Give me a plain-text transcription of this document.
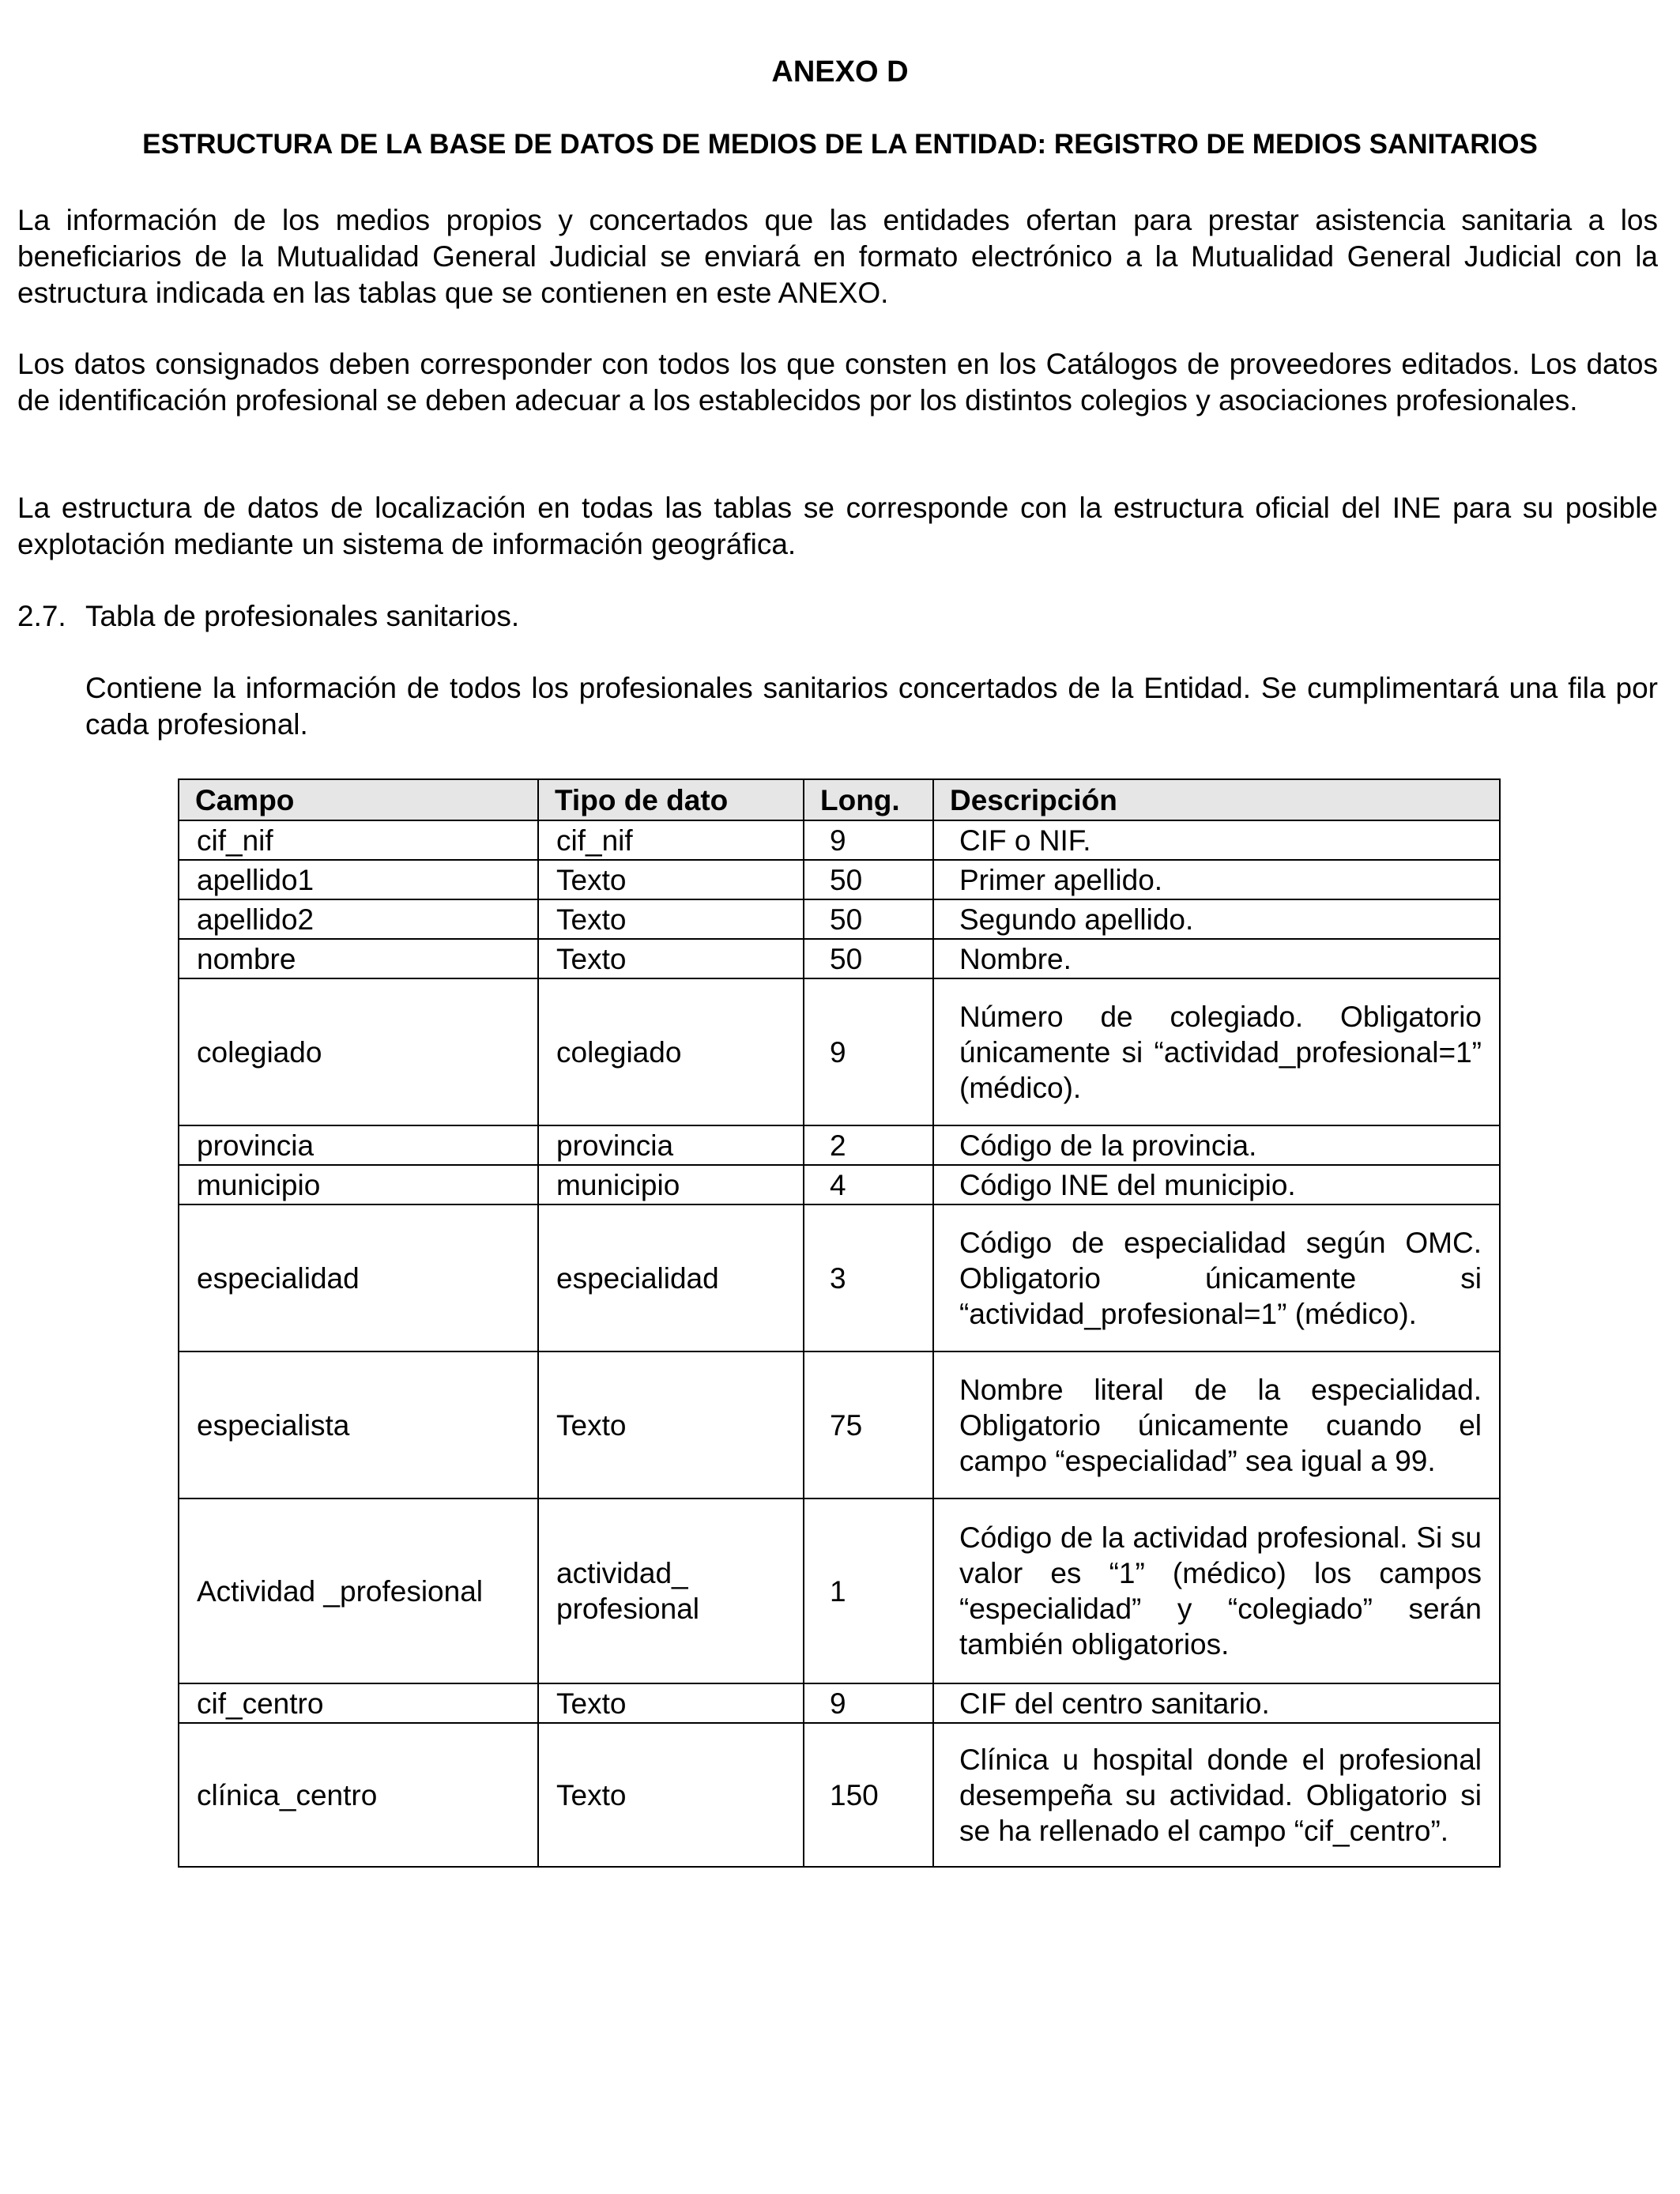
ANEXO D
ESTRUCTURA DE LA BASE DE DATOS DE MEDIOS DE LA ENTIDAD: REGISTRO DE MEDIOS SANITARIOS
La información de los medios propios y concertados que las entidades ofertan para prestar asistencia sanitaria a los beneficiarios de la Mutualidad General Judicial se enviará en formato electrónico a la Mutualidad General Judicial con la estructura indicada en las tablas que se contienen en este ANEXO.
Los datos consignados deben corresponder con todos los que consten en los Catálogos de proveedores editados. Los datos de identificación profesional se deben adecuar a los establecidos por los distintos colegios y asociaciones profesionales.
La estructura de datos de localización en todas las tablas se corresponde con la estructura oficial del INE para su posible explotación mediante un sistema de información geográfica.
2.7. Tabla de profesionales sanitarios.
Contiene la información de todos los profesionales sanitarios concertados de la Entidad. Se cumplimentará una fila por cada profesional.
Campo	Tipo de dato	Long.	Descripción
cif_nif	cif_nif	9	CIF o NIF.
apellido1	Texto	50	Primer apellido.
apellido2	Texto	50	Segundo apellido.
nombre	Texto	50	Nombre.
colegiado	colegiado	9	Número de colegiado. Obligatorio únicamente si “actividad_profesional=1” (médico).
provincia	provincia	2	Código de la provincia.
municipio	municipio	4	Código INE del municipio.
especialidad	especialidad	3	Código de especialidad según OMC. Obligatorio únicamente si “actividad_profesional=1” (médico).
especialista	Texto	75	Nombre literal de la especialidad. Obligatorio únicamente cuando el campo “especialidad” sea igual a 99.
Actividad _profesional	actividad_ profesional	1	Código de la actividad profesional. Si su valor es “1” (médico) los campos “especialidad” y “colegiado” serán también obligatorios.
cif_centro	Texto	9	CIF del centro sanitario.
clínica_centro	Texto	150	Clínica u hospital donde el profesional desempeña su actividad. Obligatorio si se ha rellenado el campo “cif_centro”.
